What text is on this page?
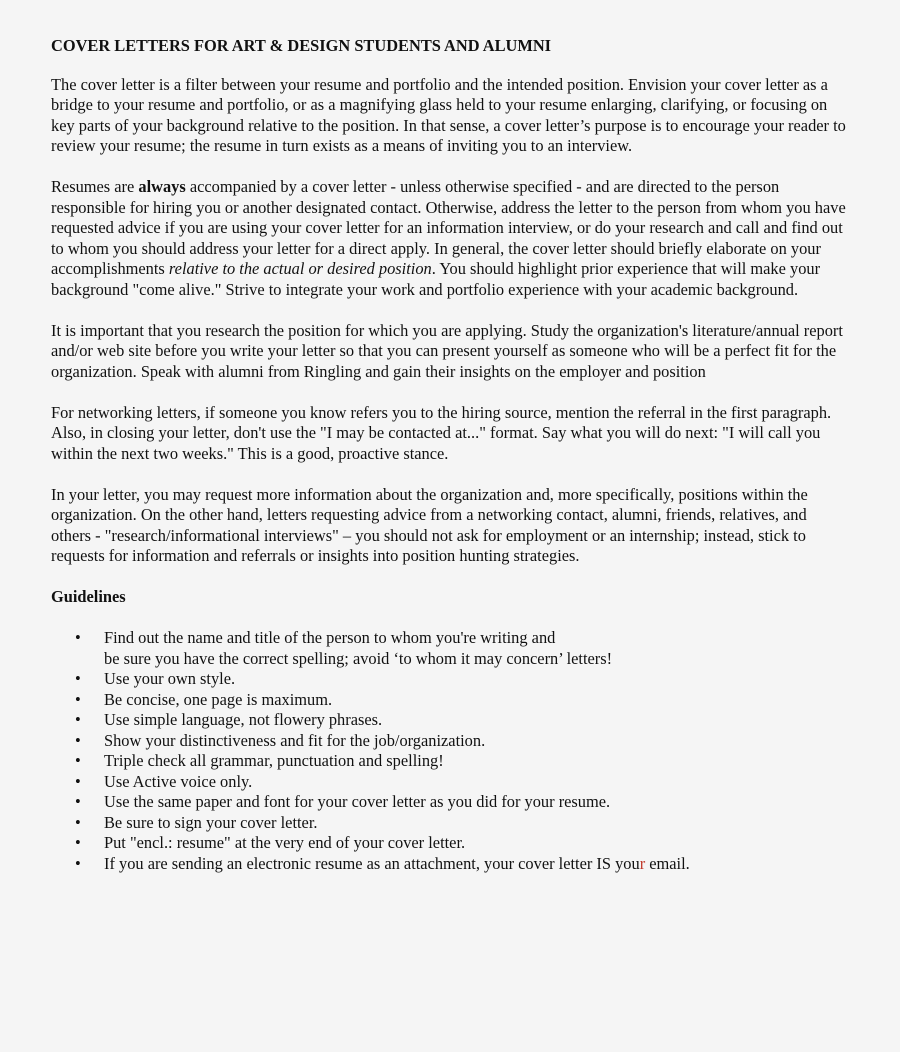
COVER LETTERS FOR ART & DESIGN STUDENTS AND ALUMNI

The cover letter is a filter between your resume and portfolio and the intended position. Envision your cover letter as a bridge to your resume and portfolio, or as a magnifying glass held to your resume enlarging, clarifying, or focusing on key parts of your background relative to the position. In that sense, a cover letter’s purpose is to encourage your reader to review your resume; the resume in turn exists as a means of inviting you to an interview.

Resumes are always accompanied by a cover letter - unless otherwise specified - and are directed to the person responsible for hiring you or another designated contact. Otherwise, address the letter to the person from whom you have requested advice if you are using your cover letter for an information interview, or do your research and call and find out to whom you should address your letter for a direct apply. In general, the cover letter should briefly elaborate on your accomplishments relative to the actual or desired position. You should highlight prior experience that will make your background "come alive." Strive to integrate your work and portfolio experience with your academic background.

It is important that you research the position for which you are applying. Study the organization's literature/annual report and/or web site before you write your letter so that you can present yourself as someone who will be a perfect fit for the organization. Speak with alumni from Ringling and gain their insights on the employer and position

For networking letters, if someone you know refers you to the hiring source, mention the referral in the first paragraph. Also, in closing your letter, don't use the "I may be contacted at..." format. Say what you will do next: "I will call you within the next two weeks." This is a good, proactive stance.

In your letter, you may request more information about the organization and, more specifically, positions within the organization. On the other hand, letters requesting advice from a networking contact, alumni, friends, relatives, and others - "research/informational interviews" – you should not ask for employment or an internship; instead, stick to requests for information and referrals or insights into position hunting strategies.

Guidelines
• Find out the name and title of the person to whom you're writing and
be sure you have the correct spelling; avoid ‘to whom it may concern’ letters!
• Use your own style.
• Be concise, one page is maximum.
• Use simple language, not flowery phrases.
• Show your distinctiveness and fit for the job/organization.
• Triple check all grammar, punctuation and spelling!
• Use Active voice only.
• Use the same paper and font for your cover letter as you did for your resume.
• Be sure to sign your cover letter.
• Put "encl.: resume" at the very end of your cover letter.
• If you are sending an electronic resume as an attachment, your cover letter IS your email.
